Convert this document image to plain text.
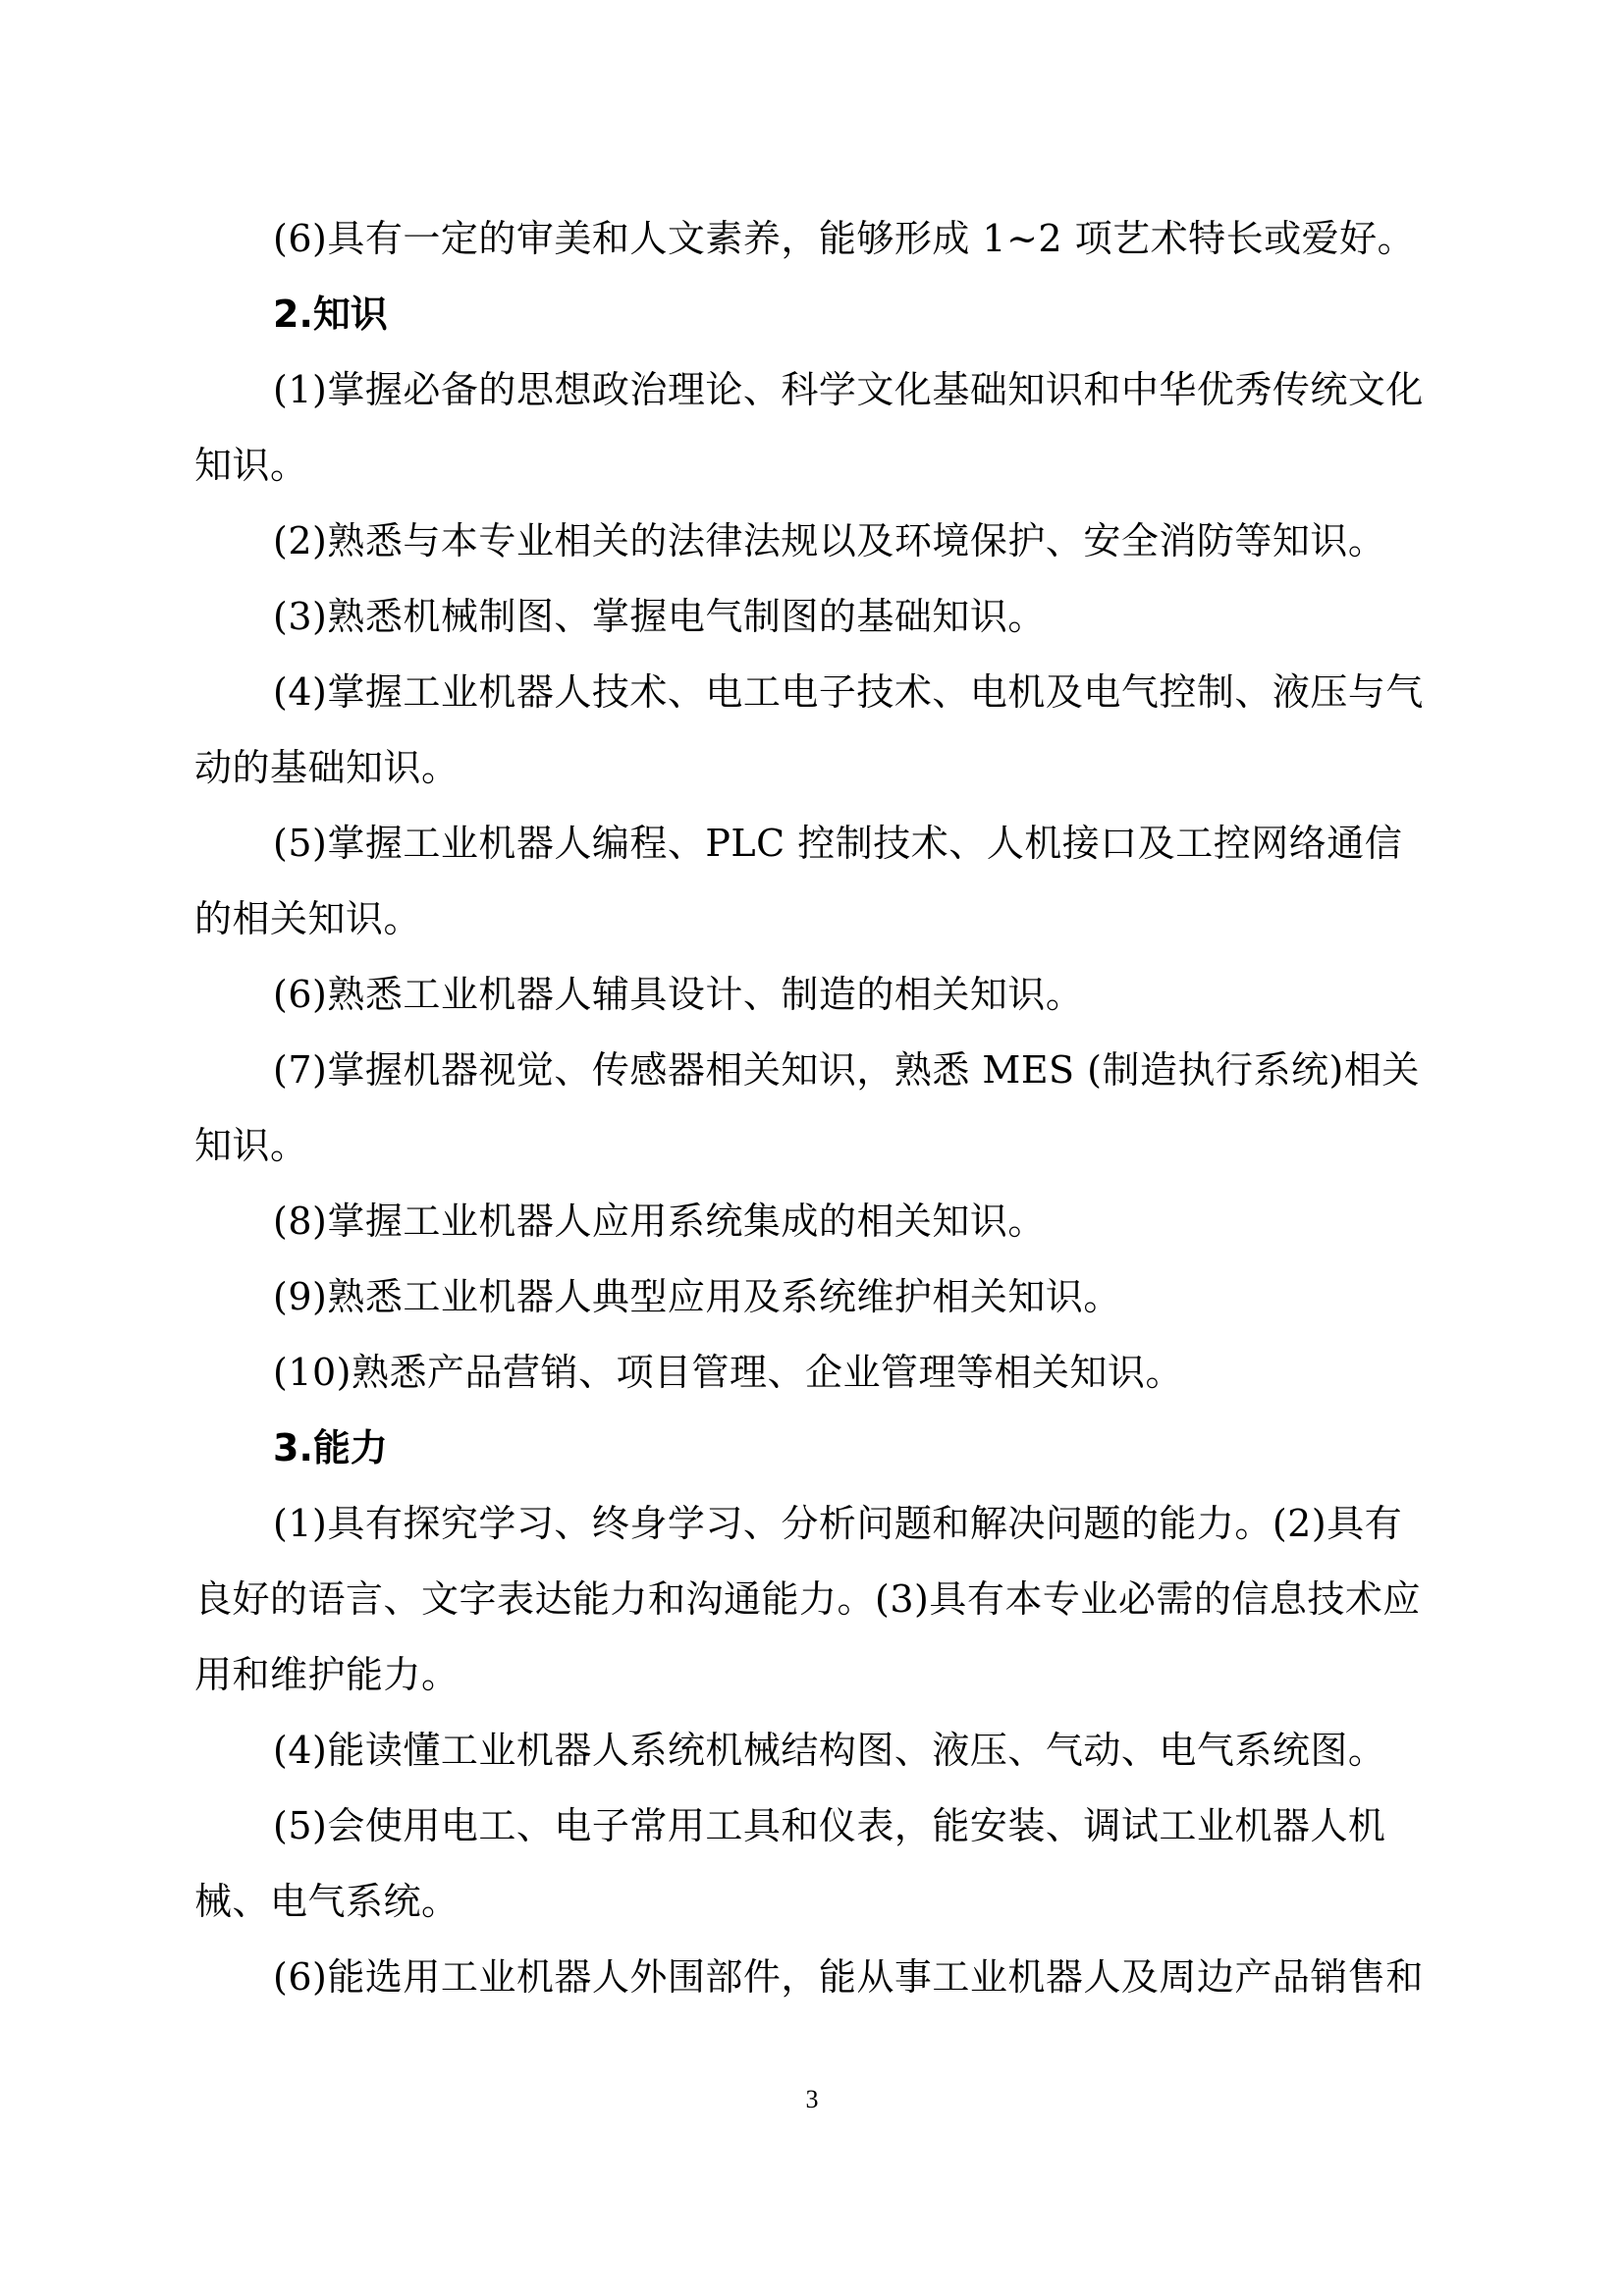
(6)具有一定的审美和人文素养，能够形成 1~2 项艺术特长或爱好。

2.知识

(1)掌握必备的思想政治理论、科学文化基础知识和中华优秀传统文化知识。

(2)熟悉与本专业相关的法律法规以及环境保护、安全消防等知识。

(3)熟悉机械制图、掌握电气制图的基础知识。

(4)掌握工业机器人技术、电工电子技术、电机及电气控制、液压与气动的基础知识。

(5)掌握工业机器人编程、PLC 控制技术、人机接口及工控网络通信的相关知识。

(6)熟悉工业机器人辅具设计、制造的相关知识。

(7)掌握机器视觉、传感器相关知识，熟悉 MES (制造执行系统)相关知识。

(8)掌握工业机器人应用系统集成的相关知识。

(9)熟悉工业机器人典型应用及系统维护相关知识。

(10)熟悉产品营销、项目管理、企业管理等相关知识。

3.能力

(1)具有探究学习、终身学习、分析问题和解决问题的能力。(2)具有良好的语言、文字表达能力和沟通能力。(3)具有本专业必需的信息技术应用和维护能力。

(4)能读懂工业机器人系统机械结构图、液压、气动、电气系统图。

(5)会使用电工、电子常用工具和仪表，能安装、调试工业机器人机械、电气系统。

(6)能选用工业机器人外围部件，能从事工业机器人及周边产品销售和

3
